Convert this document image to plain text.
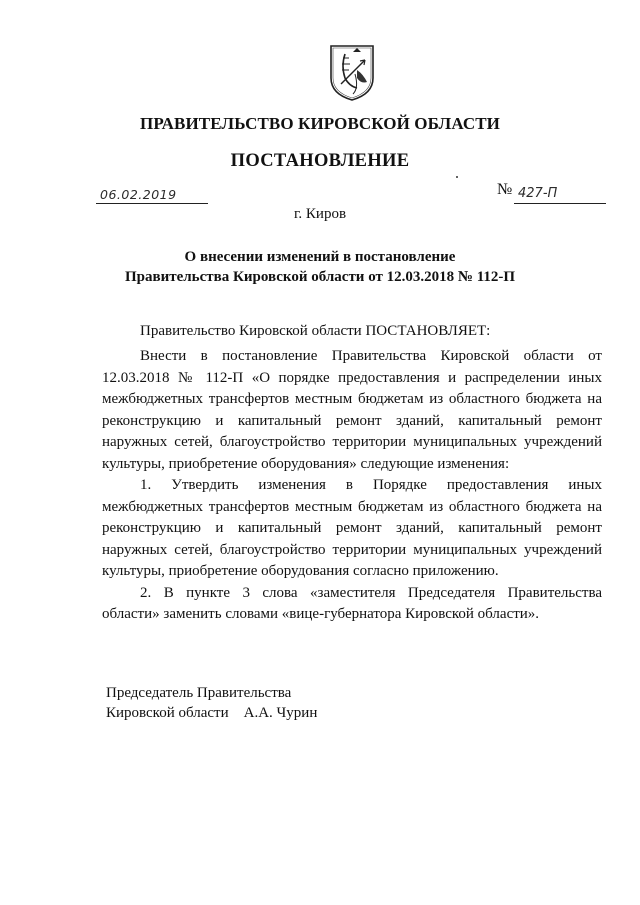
ПРАВИТЕЛЬСТВО КИРОВСКОЙ ОБЛАСТИ
ПОСТАНОВЛЕНИЕ
06.02.2019	№ 427-П
г. Киров
О внесении изменений в постановление
Правительства Кировской области от 12.03.2018 № 112-П
Правительство Кировской области ПОСТАНОВЛЯЕТ:

Внести в постановление Правительства Кировской области от 12.03.2018 № 112-П «О порядке предоставления и распределении иных межбюджетных трансфертов местным бюджетам из областного бюджета на реконструкцию и капитальный ремонт зданий, капитальный ремонт наружных сетей, благоустройство территории муниципальных учреждений культуры, приобретение оборудования» следующие изменения:

1. Утвердить изменения в Порядке предоставления иных межбюджетных трансфертов местным бюджетам из областного бюджета на реконструкцию и капитальный ремонт зданий, капитальный ремонт наружных сетей, благоустройство территории муниципальных учреждений культуры, приобретение оборудования согласно приложению.

2. В пункте 3 слова «заместителя Председателя Правительства области» заменить словами «вице-губернатора Кировской области».

Председатель Правительства
Кировской области    А.А. Чурин
